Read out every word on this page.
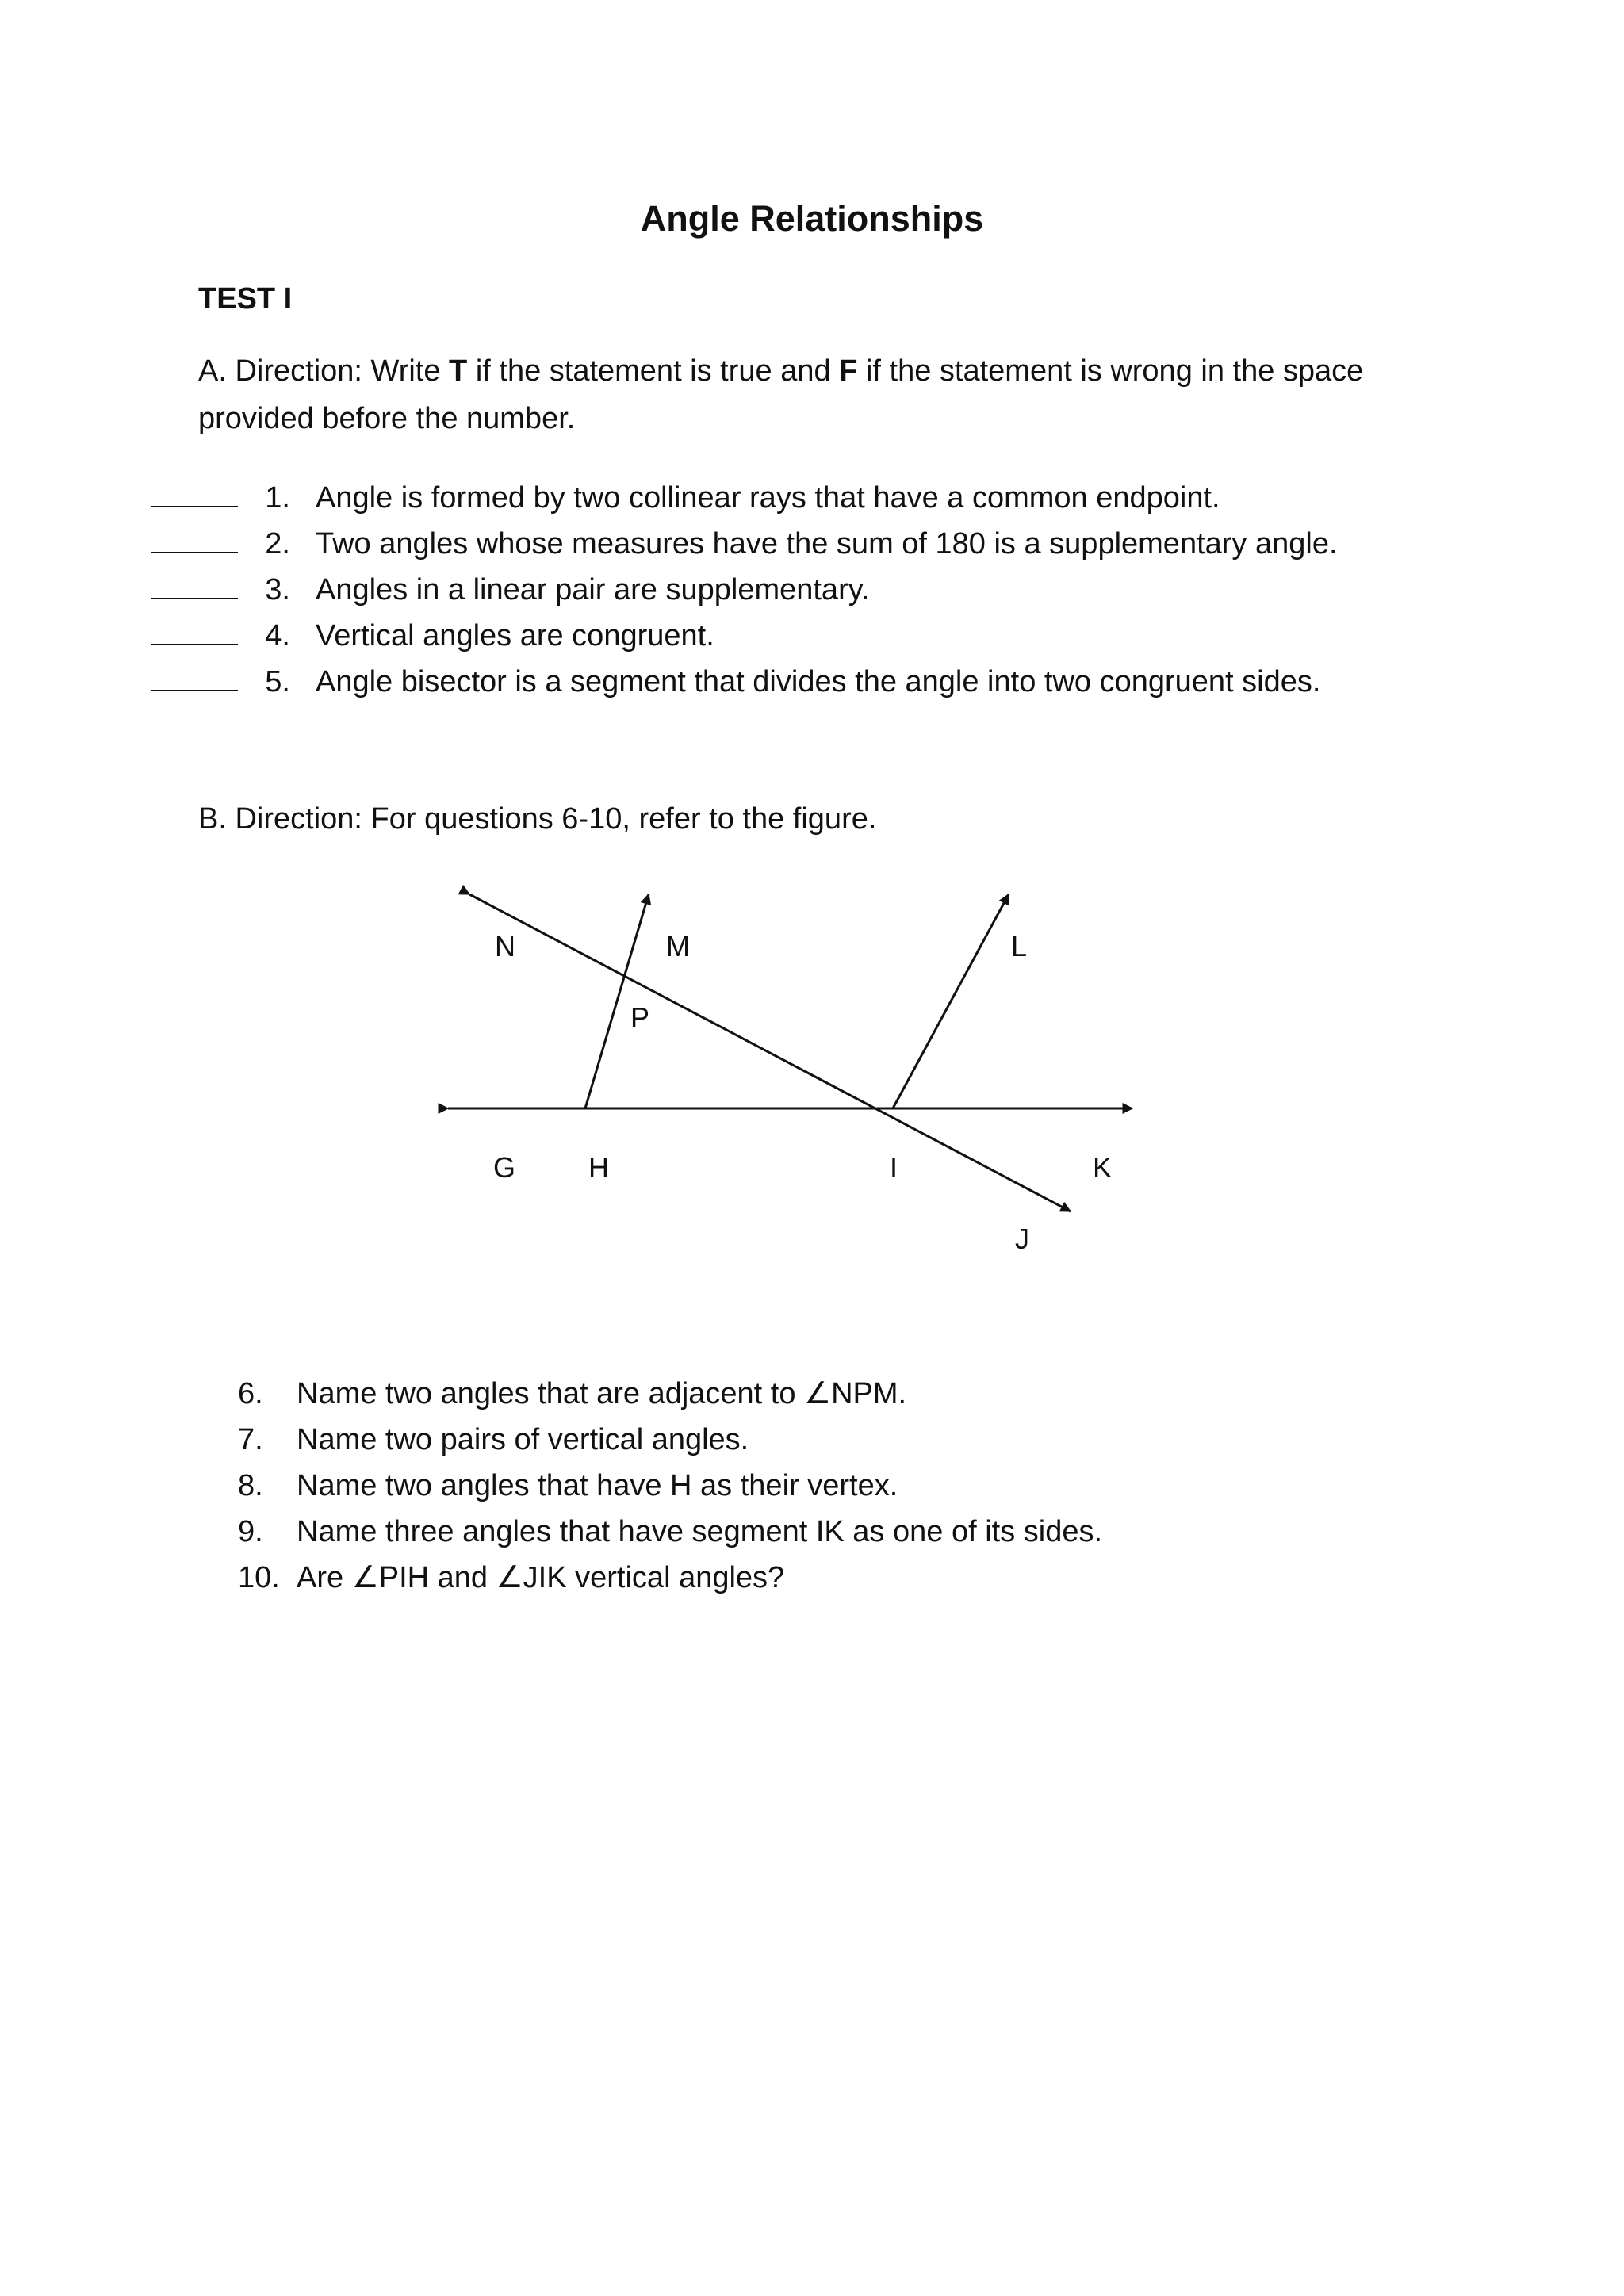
Angle Relationships
TEST I
A. Direction: Write T if the statement is true and F if the statement is wrong in the space provided before the number.
1. Angle is formed by two collinear rays that have a common endpoint.
2. Two angles whose measures have the sum of 180 is a supplementary angle.
3. Angles in a linear pair are supplementary.
4. Vertical angles are congruent.
5. Angle bisector is a segment that divides the angle into two congruent sides.
B. Direction: For questions 6-10, refer to the figure.
N	M	L
P
G	H	I	K
J
6.	Name two angles that are adjacent to ∠NPM.
7.	Name two pairs of vertical angles.
8.	Name two angles that have H as their vertex.
9.	Name three angles that have segment IK as one of its sides.
10. Are ∠PIH and ∠JIK vertical angles?
